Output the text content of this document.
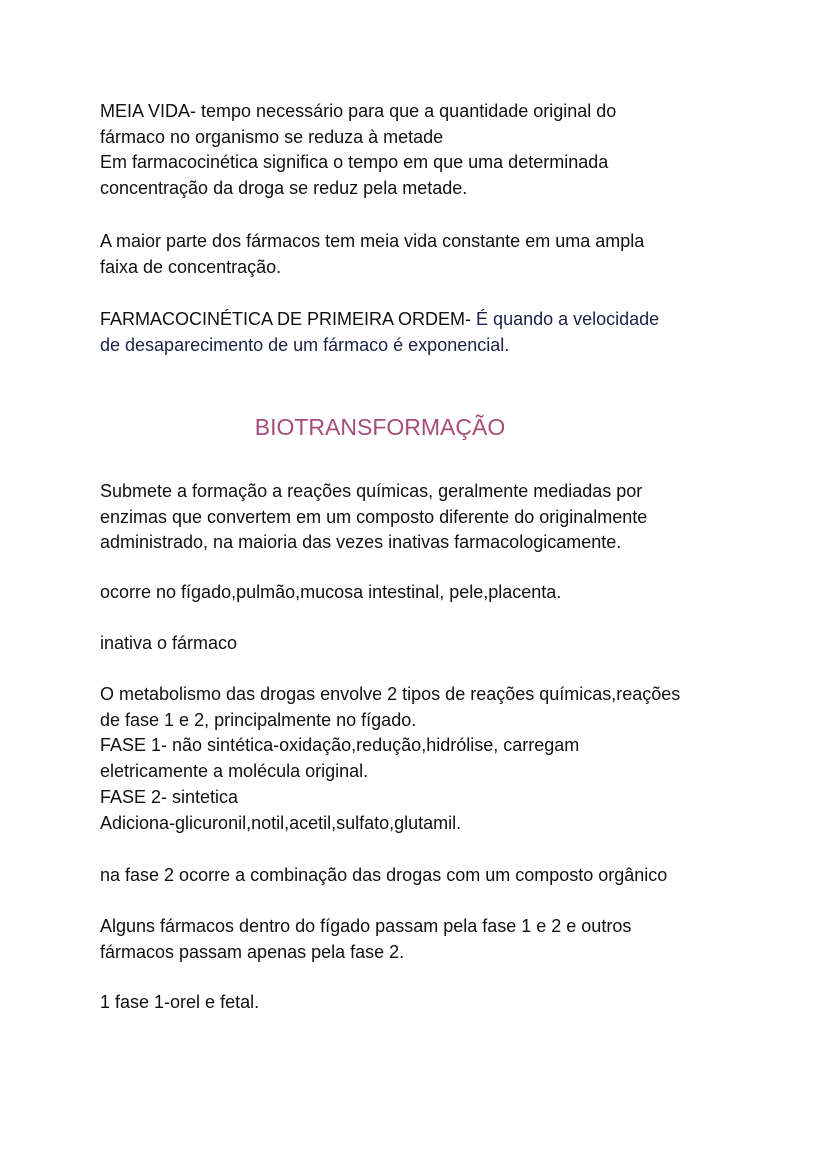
MEIA VIDA- tempo necessário para que a quantidade original do
fármaco no organismo se reduza à metade
Em farmacocinética significa o tempo em que uma determinada
concentração da droga se reduz pela metade.
A maior parte dos fármacos tem meia vida constante em uma ampla
faixa de concentração.
FARMACOCINÉTICA DE PRIMEIRA ORDEM- É quando a velocidade
de desaparecimento de um fármaco é exponencial.
BIOTRANSFORMAÇÃO
Submete a formação a reações químicas, geralmente mediadas por
enzimas que convertem em um composto diferente do originalmente
administrado, na maioria das vezes inativas farmacologicamente.
ocorre no fígado,pulmão,mucosa intestinal, pele,placenta.
inativa o fármaco
O metabolismo das drogas envolve 2 tipos de reações químicas,reações
de fase 1 e 2, principalmente no fígado.
FASE 1- não sintética-oxidação,redução,hidrólise, carregam
eletricamente a molécula original.
FASE 2- sintetica
Adiciona-glicuronil,notil,acetil,sulfato,glutamil.
na fase 2 ocorre a combinação das drogas com um composto orgânico
Alguns fármacos dentro do fígado passam pela fase 1 e 2 e outros
fármacos passam apenas pela fase 2.
1 fase 1-orel e fetal.
